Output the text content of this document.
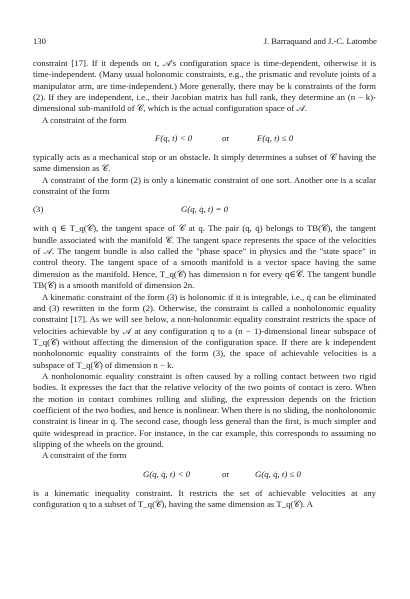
130	J. Barraquand and J.-C. Latombe

constraint [17]. If it depends on t, 𝒜's configuration space is time-dependent, otherwise it is time-independent. (Many usual holonomic constraints, e.g., the prismatic and revolute joints of a manipulator arm, are time-independent.) More generally, there may be k constraints of the form (2). If they are independent, i.e., their Jacobian matrix has full rank, they determine an (n − k)-dimensional sub-manifold of 𝒞, which is the actual configuration space of 𝒜.

A constraint of the form

F(q, t) < 0	or	F(q, t) ≤ 0

typically acts as a mechanical stop or an obstacle. It simply determines a subset of 𝒞 having the same dimension as 𝒞.

A constraint of the form (2) is only a kinematic constraint of one sort. Another one is a scalar constraint of the form

(3)	G(q, q̇, t) = 0

with q̇ ∈ T_q(𝒞), the tangent space of 𝒞 at q. The pair (q, q̇) belongs to TB(𝒞), the tangent bundle associated with the manifold 𝒞. The tangent space represents the space of the velocities of 𝒜. The tangent bundle is also called the "phase space" in physics and the "state space" in control theory. The tangent space of a smooth manifold is a vector space having the same dimension as the manifold. Hence, T_q(𝒞) has dimension n for every q∈𝒞. The tangent bundle TB(𝒞) is a smooth manifold of dimension 2n.

A kinematic constraint of the form (3) is holonomic if it is integrable, i.e., q̇ can be eliminated and (3) rewritten in the form (2). Otherwise, the constraint is called a nonholonomic equality constraint [17]. As we will see below, a non-holonomic equality constraint restricts the space of velocities achievable by 𝒜 at any configuration q to a (n − 1)-dimensional linear subspace of T_q(𝒞) without affecting the dimension of the configuration space. If there are k independent nonholonomic equality constraints of the form (3), the space of achievable velocities is a subspace of T_q(𝒞) of dimension n − k.

A nonholonomic equality constraint is often caused by a rolling contact between two rigid bodies. It expresses the fact that the relative velocity of the two points of contact is zero. When the motion in contact combines rolling and sliding, the expression depends on the friction coefficient of the two bodies, and hence is nonlinear. When there is no sliding, the nonholonomic constraint is linear in q̇. The second case, though less general than the first, is much simpler and quite widespread in practice. For instance, in the car example, this corresponds to assuming no slipping of the wheels on the ground.

A constraint of the form

G(q, q̇, t) < 0	or	G(q, q̇, t) ≤ 0

is a kinematic inequality constraint. It restricts the set of achievable velocities at any configuration q to a subset of T_q(𝒞), having the same dimension as T_q(𝒞). A
